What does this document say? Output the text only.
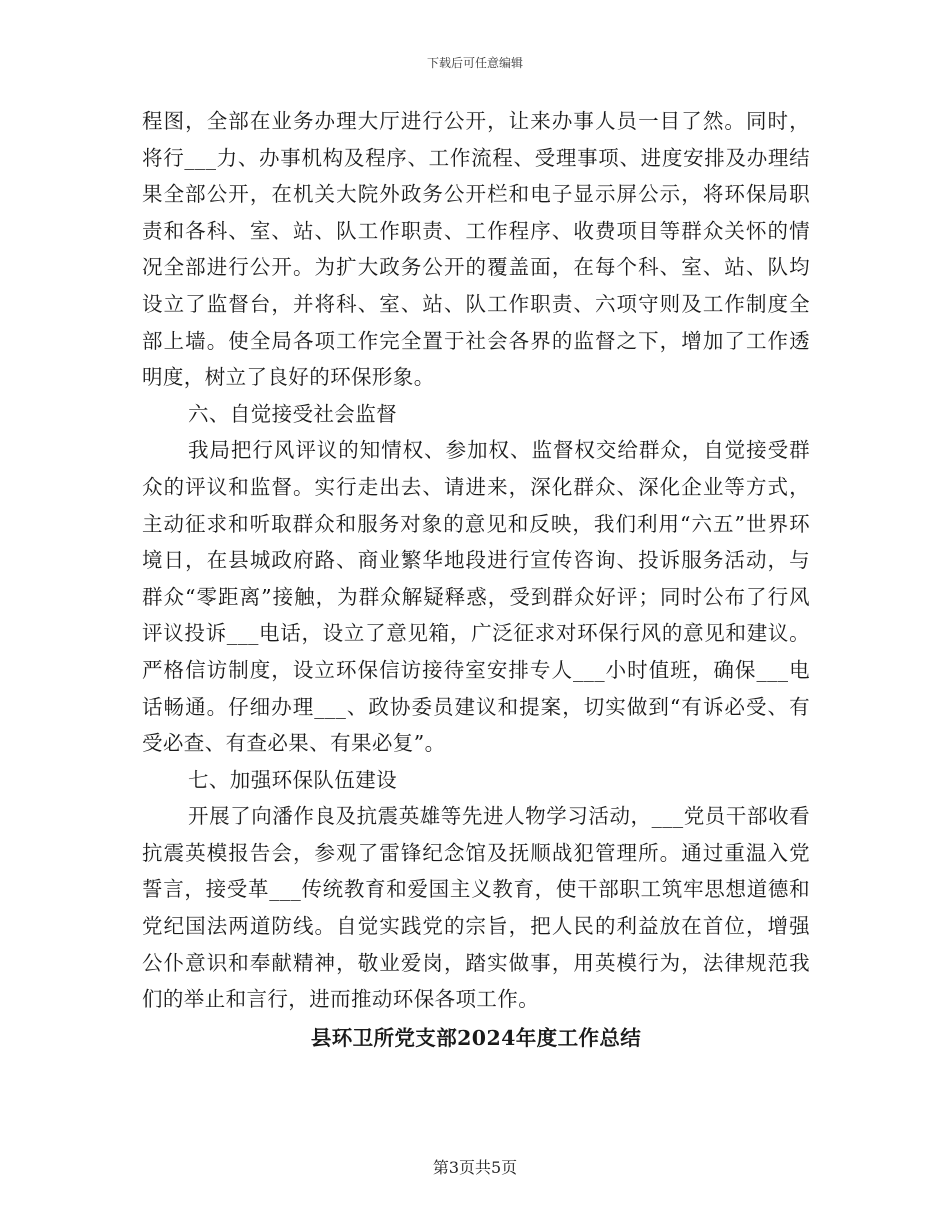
下载后可任意编辑

程图，全部在业务办理大厅进行公开，让来办事人员一目了然。同时，将行___力、办事机构及程序、工作流程、受理事项、进度安排及办理结果全部公开，在机关大院外政务公开栏和电子显示屏公示，将环保局职责和各科、室、站、队工作职责、工作程序、收费项目等群众关怀的情况全部进行公开。为扩大政务公开的覆盖面，在每个科、室、站、队均设立了监督台，并将科、室、站、队工作职责、六项守则及工作制度全部上墙。使全局各项工作完全置于社会各界的监督之下，增加了工作透明度，树立了良好的环保形象。

六、自觉接受社会监督

我局把行风评议的知情权、参加权、监督权交给群众，自觉接受群众的评议和监督。实行走出去、请进来，深化群众、深化企业等方式，主动征求和听取群众和服务对象的意见和反映，我们利用“六五”世界环境日，在县城政府路、商业繁华地段进行宣传咨询、投诉服务活动，与群众“零距离”接触，为群众解疑释惑，受到群众好评；同时公布了行风评议投诉___电话，设立了意见箱，广泛征求对环保行风的意见和建议。严格信访制度，设立环保信访接待室安排专人___小时值班，确保___电话畅通。仔细办理___、政协委员建议和提案，切实做到“有诉必受、有受必查、有查必果、有果必复”。

七、加强环保队伍建设

开展了向潘作良及抗震英雄等先进人物学习活动，___党员干部收看抗震英模报告会，参观了雷锋纪念馆及抚顺战犯管理所。通过重温入党誓言，接受革___传统教育和爱国主义教育，使干部职工筑牢思想道德和党纪国法两道防线。自觉实践党的宗旨，把人民的利益放在首位，增强公仆意识和奉献精神，敬业爱岗，踏实做事，用英模行为，法律规范我们的举止和言行，进而推动环保各项工作。

县环卫所党支部2024年度工作总结

第3页共5页
